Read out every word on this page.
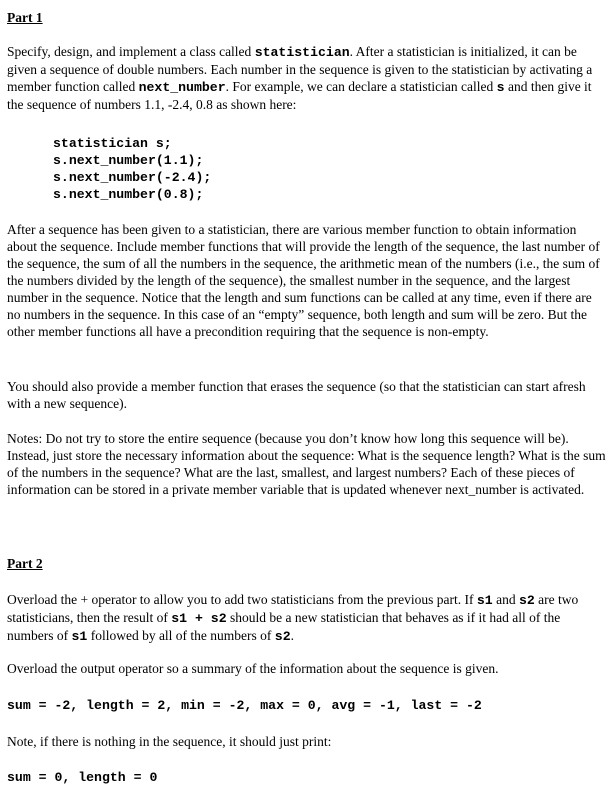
Part 1

Specify, design, and implement a class called statistician. After a statistician is initialized, it can be given a sequence of double numbers. Each number in the sequence is given to the statistician by activating a member function called next_number. For example, we can declare a statistician called s and then give it the sequence of numbers 1.1, -2.4, 0.8 as shown here:

statistician s;
s.next_number(1.1);
s.next_number(-2.4);
s.next_number(0.8);

After a sequence has been given to a statistician, there are various member function to obtain information about the sequence. Include member functions that will provide the length of the sequence, the last number of the sequence, the sum of all the numbers in the sequence, the arithmetic mean of the numbers (i.e., the sum of the numbers divided by the length of the sequence), the smallest number in the sequence, and the largest number in the sequence. Notice that the length and sum functions can be called at any time, even if there are no numbers in the sequence. In this case of an “empty” sequence, both length and sum will be zero. But the other member functions all have a precondition requiring that the sequence is non-empty.

You should also provide a member function that erases the sequence (so that the statistician can start afresh with a new sequence).

Notes: Do not try to store the entire sequence (because you don’t know how long this sequence will be). Instead, just store the necessary information about the sequence: What is the sequence length? What is the sum of the numbers in the sequence? What are the last, smallest, and largest numbers? Each of these pieces of information can be stored in a private member variable that is updated whenever next_number is activated.

Part 2

Overload the + operator to allow you to add two statisticians from the previous part. If s1 and s2 are two statisticians, then the result of s1 + s2 should be a new statistician that behaves as if it had all of the numbers of s1 followed by all of the numbers of s2.

Overload the output operator so a summary of the information about the sequence is given.

sum = -2, length = 2, min = -2, max = 0, avg = -1, last = -2

Note, if there is nothing in the sequence, it should just print:

sum = 0, length = 0
